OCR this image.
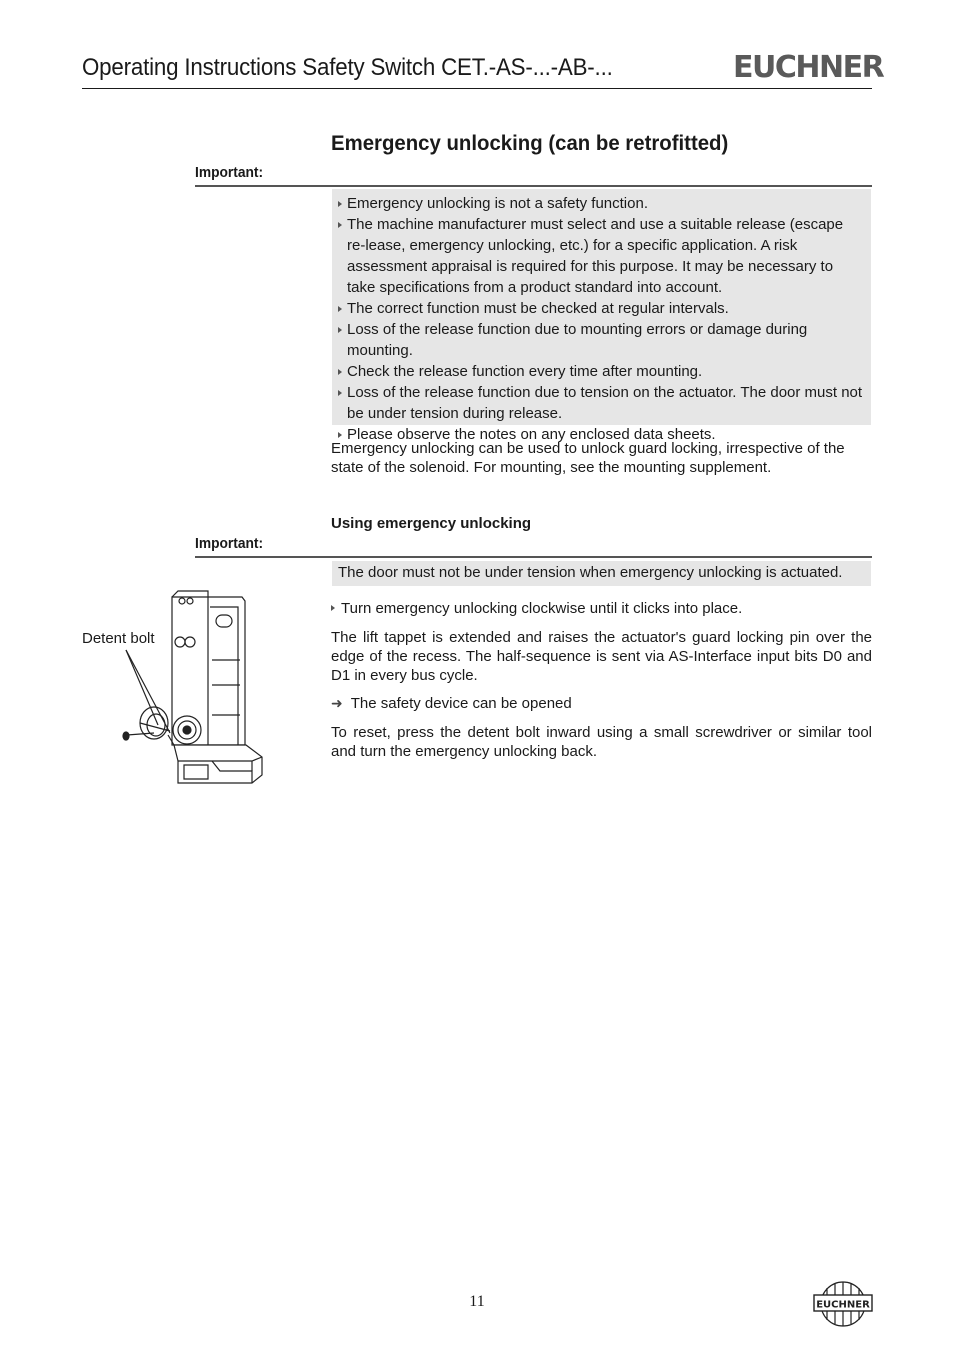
Operating Instructions Safety Switch CET.-AS-...-AB-...	EUCHNER
Emergency unlocking (can be retrofitted)
Important:
Emergency unlocking is not a safety function.
The machine manufacturer must select and use a suitable release (escape re-lease, emergency unlocking, etc.) for a specific application. A risk assessment appraisal is required for this purpose. It may be necessary to take specifications from a product standard into account.
The correct function must be checked at regular intervals.
Loss of the release function due to mounting errors or damage during mounting.
Check the release function every time after mounting.
Loss of the release function due to tension on the actuator. The door must not be under tension during release.
Please observe the notes on any enclosed data sheets.
Emergency unlocking can be used to unlock guard locking, irrespective of the state of the solenoid. For mounting, see the mounting supplement.
Using emergency unlocking
Important:
The door must not be under tension when emergency unlocking is actuated.
Turn emergency unlocking clockwise until it clicks into place.
The lift tappet is extended and raises the actuator's guard locking pin over the edge of the recess. The half-sequence is sent via AS-Interface input bits D0 and D1 in every bus cycle.
➜ The safety device can be opened
To reset, press the detent bolt inward using a small screwdriver or similar tool and turn the emergency unlocking back.
Detent bolt
11	EUCHNER
